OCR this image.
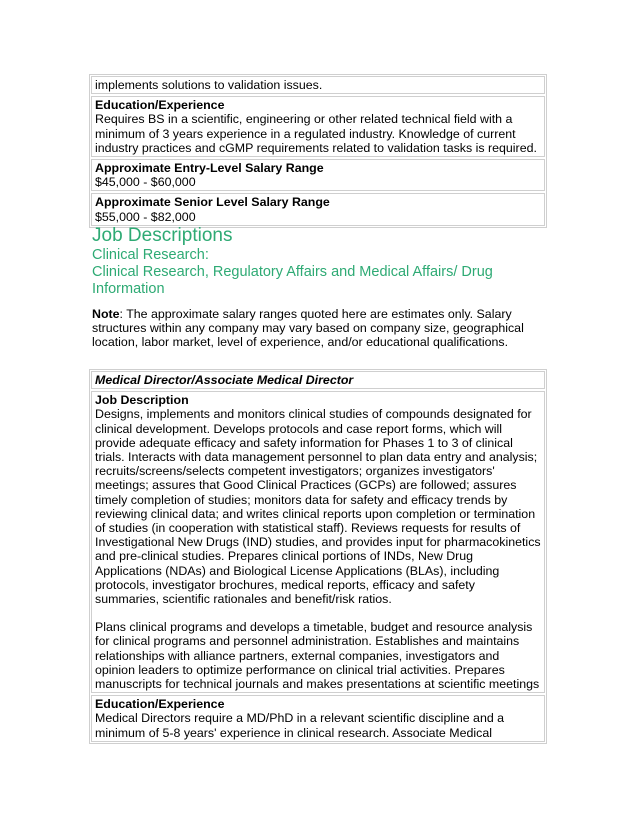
implements solutions to validation issues.
Education/Experience
Requires BS in a scientific, engineering or other related technical field with a minimum of 3 years experience in a regulated industry. Knowledge of current industry practices and cGMP requirements related to validation tasks is required.
Approximate Entry-Level Salary Range
$45,000 - $60,000
Approximate Senior Level Salary Range
$55,000 - $82,000
Job Descriptions
Clinical Research:
Clinical Research, Regulatory Affairs and Medical Affairs/ Drug Information
Note: The approximate salary ranges quoted here are estimates only. Salary structures within any company may vary based on company size, geographical location, labor market, level of experience, and/or educational qualifications.
Medical Director/Associate Medical Director
Job Description
Designs, implements and monitors clinical studies of compounds designated for clinical development. Develops protocols and case report forms, which will provide adequate efficacy and safety information for Phases 1 to 3 of clinical trials. Interacts with data management personnel to plan data entry and analysis; recruits/screens/selects competent investigators; organizes investigators' meetings; assures that Good Clinical Practices (GCPs) are followed; assures timely completion of studies; monitors data for safety and efficacy trends by reviewing clinical data; and writes clinical reports upon completion or termination of studies (in cooperation with statistical staff). Reviews requests for results of Investigational New Drugs (IND) studies, and provides input for pharmacokinetics and pre-clinical studies. Prepares clinical portions of INDs, New Drug Applications (NDAs) and Biological License Applications (BLAs), including protocols, investigator brochures, medical reports, efficacy and safety summaries, scientific rationales and benefit/risk ratios.
Plans clinical programs and develops a timetable, budget and resource analysis for clinical programs and personnel administration. Establishes and maintains relationships with alliance partners, external companies, investigators and opinion leaders to optimize performance on clinical trial activities. Prepares manuscripts for technical journals and makes presentations at scientific meetings
Education/Experience
Medical Directors require a MD/PhD in a relevant scientific discipline and a minimum of 5-8 years' experience in clinical research. Associate Medical
